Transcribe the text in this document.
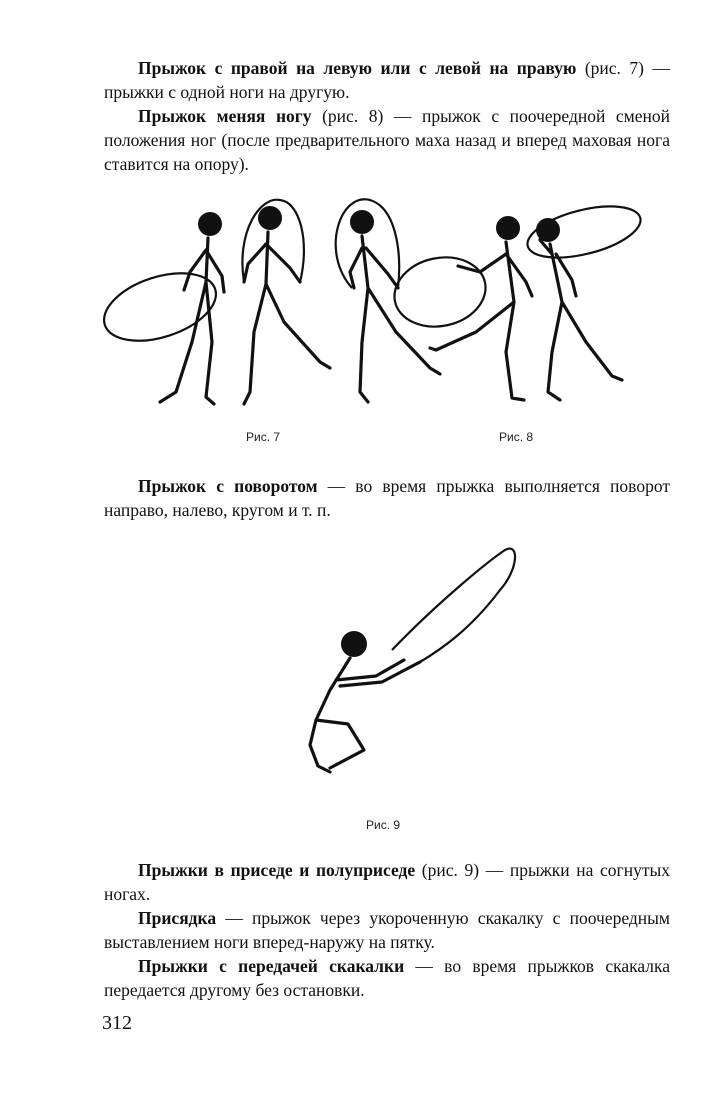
Прыжок с правой на левую или с левой на правую (рис. 7) — прыжки с одной ноги на другую.

Прыжок меняя ногу (рис. 8) — прыжок с поочередной сменой положения ног (после предварительного маха назад и вперед маховая нога ставится на опору).

Рис. 7	Рис. 8

Прыжок с поворотом — во время прыжка выполняется поворот направо, налево, кругом и т. п.

Рис. 9

Прыжки в приседе и полуприседе (рис. 9) — прыжки на согнутых ногах.

Присядка — прыжок через укороченную скакалку с поочередным выставлением ноги вперед-наружу на пятку.

Прыжки с передачей скакалки — во время прыжков скакалка передается другому без остановки.

312
